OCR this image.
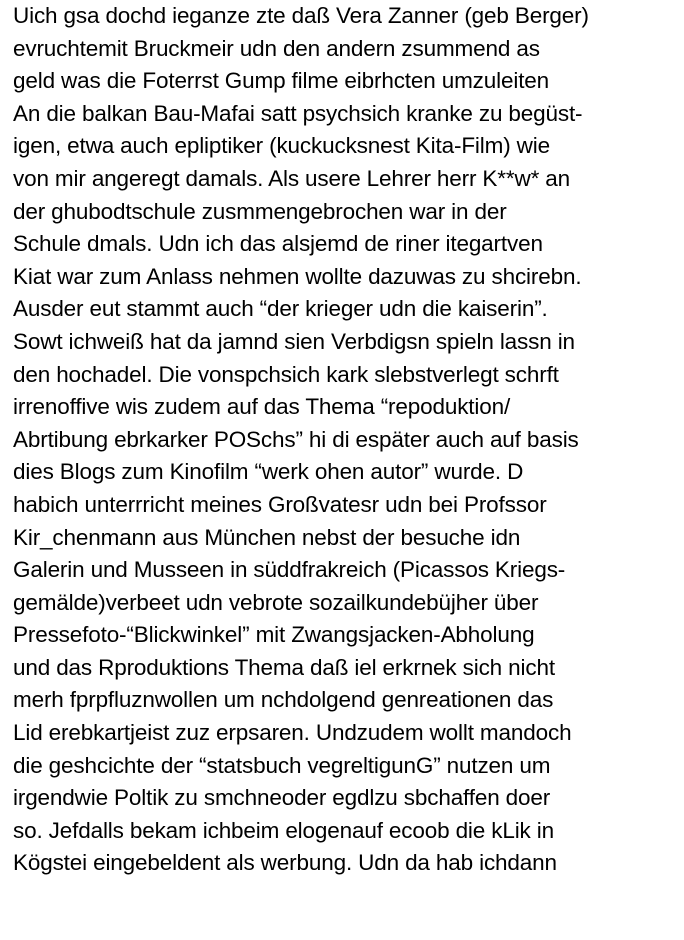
Uich gsa dochd ieganze zte daß Vera Zanner (geb Berger)
evruchtemit Bruckmeir udn den andern zsummend as
geld was die Foterrst Gump filme eibrhcten umzuleiten
An die balkan Bau-Mafai satt psychsich kranke zu begüst-
igen, etwa auch epliptiker (kuckucksnest Kita-Film) wie
von mir angeregt damals. Als usere Lehrer herr K**w* an
der ghubodtschule zusmmengebrochen war in der
Schule dmals. Udn ich das alsjemd de riner itegartven
Kiat war zum Anlass nehmen wollte dazuwas zu shcirebn.
Ausder eut stammt auch “der krieger udn die kaiserin”.
Sowt ichweiß hat da jamnd sien Verbdigsn spieln lassn in
den hochadel. Die vonspchsich kark slebstverlegt schrft
irrenoffive wis zudem auf das Thema “repoduktion/
Abrtibung ebrkarker POSchs” hi di espäter auch auf basis
dies Blogs zum Kinofilm “werk ohen autor” wurde. D
habich unterrricht meines Großvatesr udn bei Profssor
Kir_chenmann aus München nebst der besuche idn
Galerin und Musseen in süddfrakreich (Picassos Kriegs-
gemälde)verbeet udn vebrote sozailkundebüjher über
Pressefoto-“Blickwinkel” mit Zwangsjacken-Abholung
und das Rproduktions Thema daß iel erkrnek sich nicht
merh fprpfluznwollen um nchdolgend genreationen das
Lid erebkartjeist zuz erpsaren. Undzudem wollt mandoch
die geshcichte der “statsbuch vegreltigunG” nutzen um
irgendwie Poltik zu smchneoder egdlzu sbchaffen doer
so. Jefdalls bekam ichbeim elogenauf ecoob die kLik in
Kögstei eingebeldent als werbung. Udn da hab ichdann
